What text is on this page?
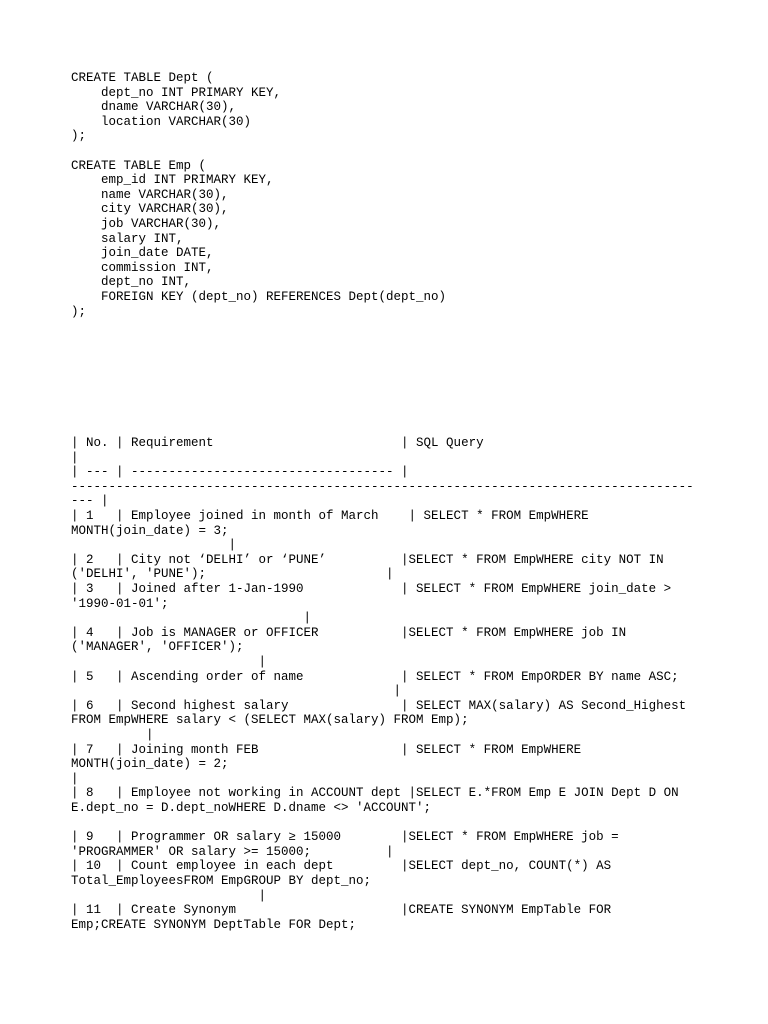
CREATE TABLE Dept (
dept_no INT PRIMARY KEY,
dname VARCHAR(30),
location VARCHAR(30)
);
CREATE TABLE Emp (
emp_id INT PRIMARY KEY,
name VARCHAR(30),
city VARCHAR(30),
job VARCHAR(30),
salary INT,
join_date DATE,
commission INT,
dept_no INT,
FOREIGN KEY (dept_no) REFERENCES Dept(dept_no)
);
| No. | Requirement                         | SQL Query
|
| --- | ----------------------------------- |
-----------------------------------------------------------------------------------
--- |
| 1   | Employee joined in month of March    | SELECT * FROM EmpWHERE
MONTH(join_date) = 3;
|
| 2   | City not ‘DELHI’ or ‘PUNE’          |SELECT * FROM EmpWHERE city NOT IN
('DELHI', 'PUNE');                        |
| 3   | Joined after 1-Jan-1990             | SELECT * FROM EmpWHERE join_date >
'1990-01-01';
|
| 4   | Job is MANAGER or OFFICER           |SELECT * FROM EmpWHERE job IN
('MANAGER', 'OFFICER');
|
| 5   | Ascending order of name             | SELECT * FROM EmpORDER BY name ASC;
|
| 6   | Second highest salary               | SELECT MAX(salary) AS Second_Highest
FROM EmpWHERE salary < (SELECT MAX(salary) FROM Emp);
|
| 7   | Joining month FEB                   | SELECT * FROM EmpWHERE
MONTH(join_date) = 2;
|
| 8   | Employee not working in ACCOUNT dept |SELECT E.*FROM Emp E JOIN Dept D ON
E.dept_no = D.dept_noWHERE D.dname <> 'ACCOUNT';
| 9   | Programmer OR salary ≥ 15000        |SELECT * FROM EmpWHERE job =
'PROGRAMMER' OR salary >= 15000;          |
| 10  | Count employee in each dept         |SELECT dept_no, COUNT(*) AS
Total_EmployeesFROM EmpGROUP BY dept_no;
|
| 11  | Create Synonym                      |CREATE SYNONYM EmpTable FOR
Emp;CREATE SYNONYM DeptTable FOR Dept;
